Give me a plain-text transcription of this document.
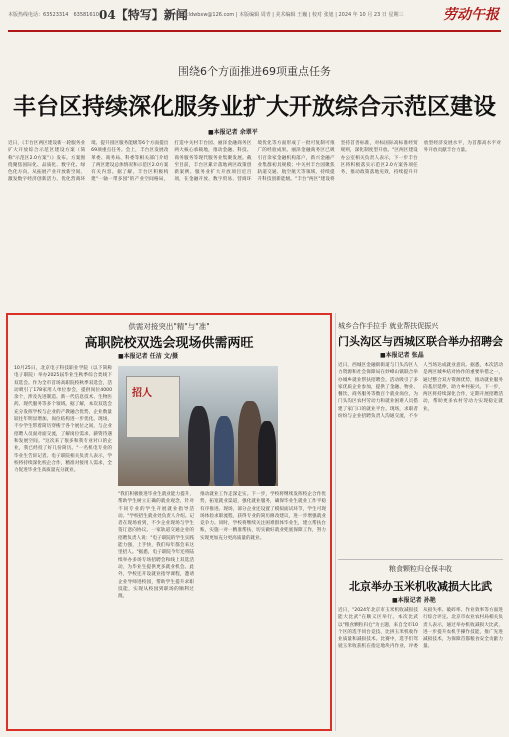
本版热线电话：63523314　63581610 04【特写】新闻
E—mail:ldwbxw@126.com | 本版编辑 周青 | 美术编辑 王巍 | 校对 张旭 | 2024 年 10 月 23 日 星期三	劳动午报
围绕6个方面推进69项重点任务
丰台区持续深化服务业扩大开放综合示范区建设
■本报记者 余翠平
近日，《丰台区两区建设新一轮服务业扩大开放综合示范区建设方案（简称"示范区2.0方案"）》发布。方案围绕聚焦国际化、品质化、数字化、绿色化方向，从拓展产业开放新空间、激发数字经济创新活力、优化营商环境、提升园区服务能级等6个方面提出69项重点任务。会上，丰台区发展改革委、商务局、科委等相关部门介绍了两区建设总体情况和示范区2.0方案有关内容。据了解，丰台区积极构建"一轴一带多园"的产业空间格局，打造中关村丰台园、丽泽金融商务区两大核心承载地，推动金融、科技、商务服务等现代服务业集聚发展。截至目前，丰台区累计落地两区政策创新案例、服务业扩大开放项目近百项，在金融开放、数字贸易、营商环境优化等方面形成了一批可复制可推广的经验成果。丽泽金融商务区已吸引百余家金融机构落户，新兴金融产业集群初具规模；中关村丰台园聚焦轨道交通、航空航天等领域，持续提升科技创新能级。"丰台"两区"建设将坚持首善标准，对标国际高标准经贸规则，深化制度型开放。"区两区建设办公室相关负责人表示，下一步丰台区将积极落实示范区2.0方案各项任务，推动政策落地见效，持续提升开放型经济发展水平，为首都高水平对外开放贡献丰台力量。
供需对接突出"精"与"准"
高职院校双选会现场供需两旺
■本报记者 任洁 文/摄
10月25日，北京电子科技职业学院（以下简称电子职院）举办2025届毕业生秋季综合类线下双选会。作为全市首场高职院校秋季双选会，活动吸引了178家用人单位参会，提供岗位4000余个，涉及先进制造、新一代信息技术、生物医药、现代服务等多个领域。据了解，本次双选会充分发挥学校与企业的产教融合优势，企业数量较往年明显增加，岗位结构进一步优化。现场，不少学生带着简历穿梭于各个展位之间，与企业招聘人员面对面交流，了解岗位需求、薪资待遇和发展空间。"这次来了很多和我专业对口的企业，我已经投了好几份简历。"一名机电专业的毕业生告诉记者。电子职院相关负责人表示，学校将持续深化校企合作，精准对接用人需求，全力促进毕业生高质量充分就业。
招人
"我们积极推进毕业生就业能力提升，帮助学生树立正确的就业观念，针对不同专业的学生开展就业指导活动。"学校招生就业处负责人介绍。记者在现场看到，不少企业现场与学生签订意向协议。一家轨道交通企业的招聘负责人说："电子职院的学生实践能力强，上手快，我们每年都会来这里招人。"据悉，电子职院今年还将陆续举办多场专场招聘会和线上双选活动，为毕业生提供更多就业机会。此外，学校还开设就业指导课程，邀请企业导师进校园，帮助学生提升求职技能，实现从校园到职场的顺利过渡。
推动就业工作走深走实。下一步，学校将继续发挥校企合作优势，拓宽就业渠道，强化就业服务，确保毕业生就业工作平稳有序推进。现场，部分企业还设置了模拟面试环节，学生可现场体验求职流程，获得专业的简历修改建议，进一步增强就业竞争力。同时，学校将继续关注困难群体毕业生，建立帮扶台账，实施一对一精准帮扶，切实做好就业兜底保障工作，努力实现更加充分更高质量的就业。
城乡合作手拉手 就业帮扶促振兴
门头沟区与西城区联合举办招聘会
■本报记者 张晶
近日，西城区金融街街道与门头沟区人力资源和社会保障局在妙峰山镇联合举办城乡就业帮扶招聘会。活动吸引了多家优质企业参加，提供了金融、物业、餐饮、商务服务等数百个就业岗位，为门头沟区农村劳动力和就业困难人员搭建了家门口的就业平台。现场，求职者纷纷与企业招聘负责人沟通交流，不少人当场达成就业意向。据悉，本次活动是两区城乡结对协作的重要举措之一，通过整合双方资源优势，推动就业服务向基层延伸，助力乡村振兴。下一步，两区将持续深化合作，定期开展招聘活动，帮助更多农村劳动力实现稳定就业。
粮食颗粒归仓保丰收
北京举办玉米机收减损大比武
■本报记者 孙艳
近日，"2024年北京市玉米机收减损技能大比武"在顺义区举行。本次比武以"粮食颗粒归仓"为主题，来自全市10个区的选手同台竞技，比拼玉米机收作业质量和减损技术。比赛中，选手们驾驶玉米收获机在指定地块内作业，评委从损失率、破碎率、作业效率等方面进行综合评定。北京市农业农村局相关负责人表示，通过举办机收减损大比武，进一步提升农机手操作技能，推广先进减损技术，为保障首都粮食安全贡献力量。
